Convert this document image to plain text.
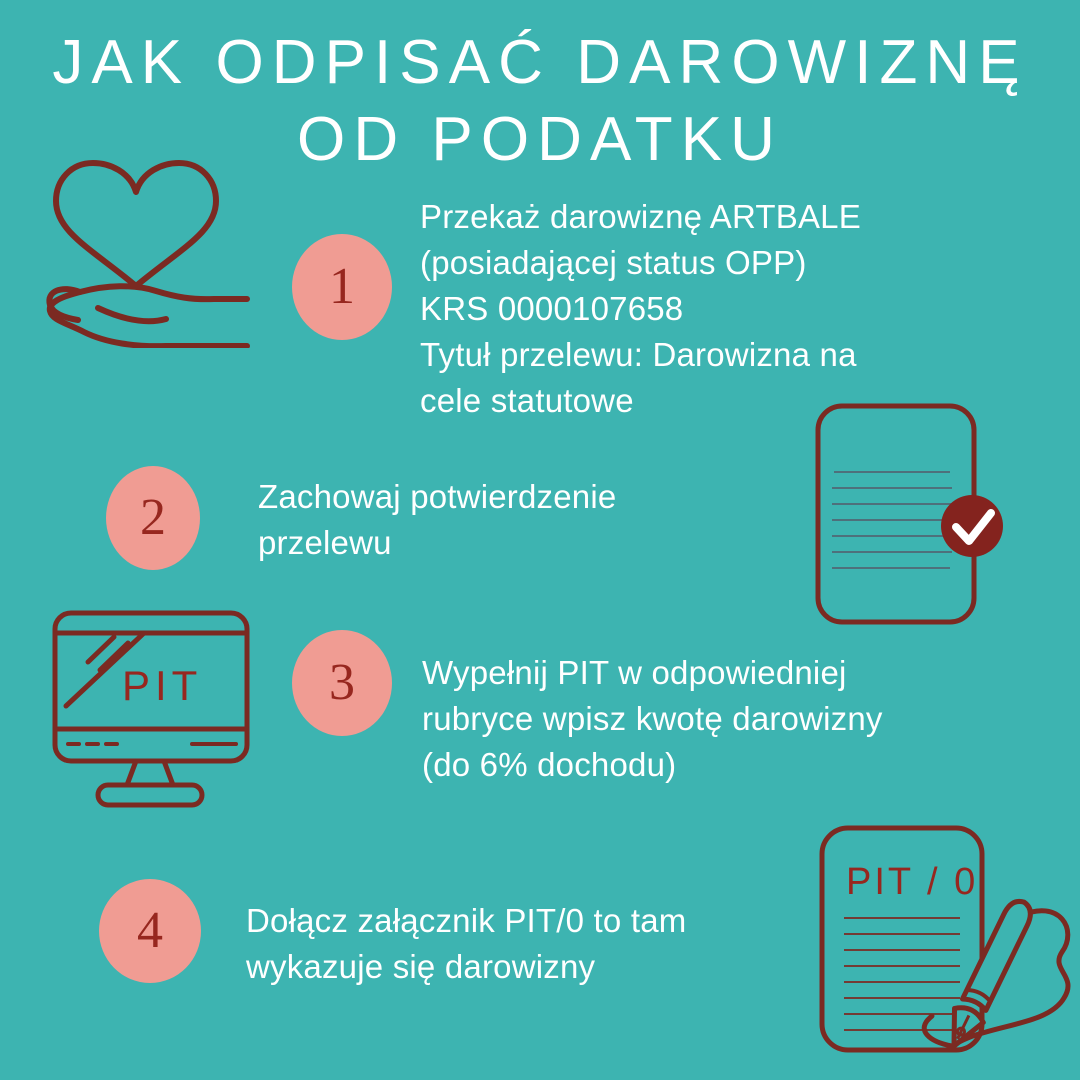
JAK ODPISAĆ DAROWIZNĘ
OD PODATKU
1
Przekaż darowiznę ARTBALE
(posiadającej status OPP)
KRS 0000107658
Tytuł przelewu: Darowizna na
cele statutowe
2	Zachowaj potwierdzenie
przelewu
PIT 3 Wypełnij PIT w odpowiedniej
rubryce wpisz kwotę darowizny
(do 6% dochodu)
4	Dołącz załącznik PIT/0 to tam
wykazuje się darowizny
PIT / 0
